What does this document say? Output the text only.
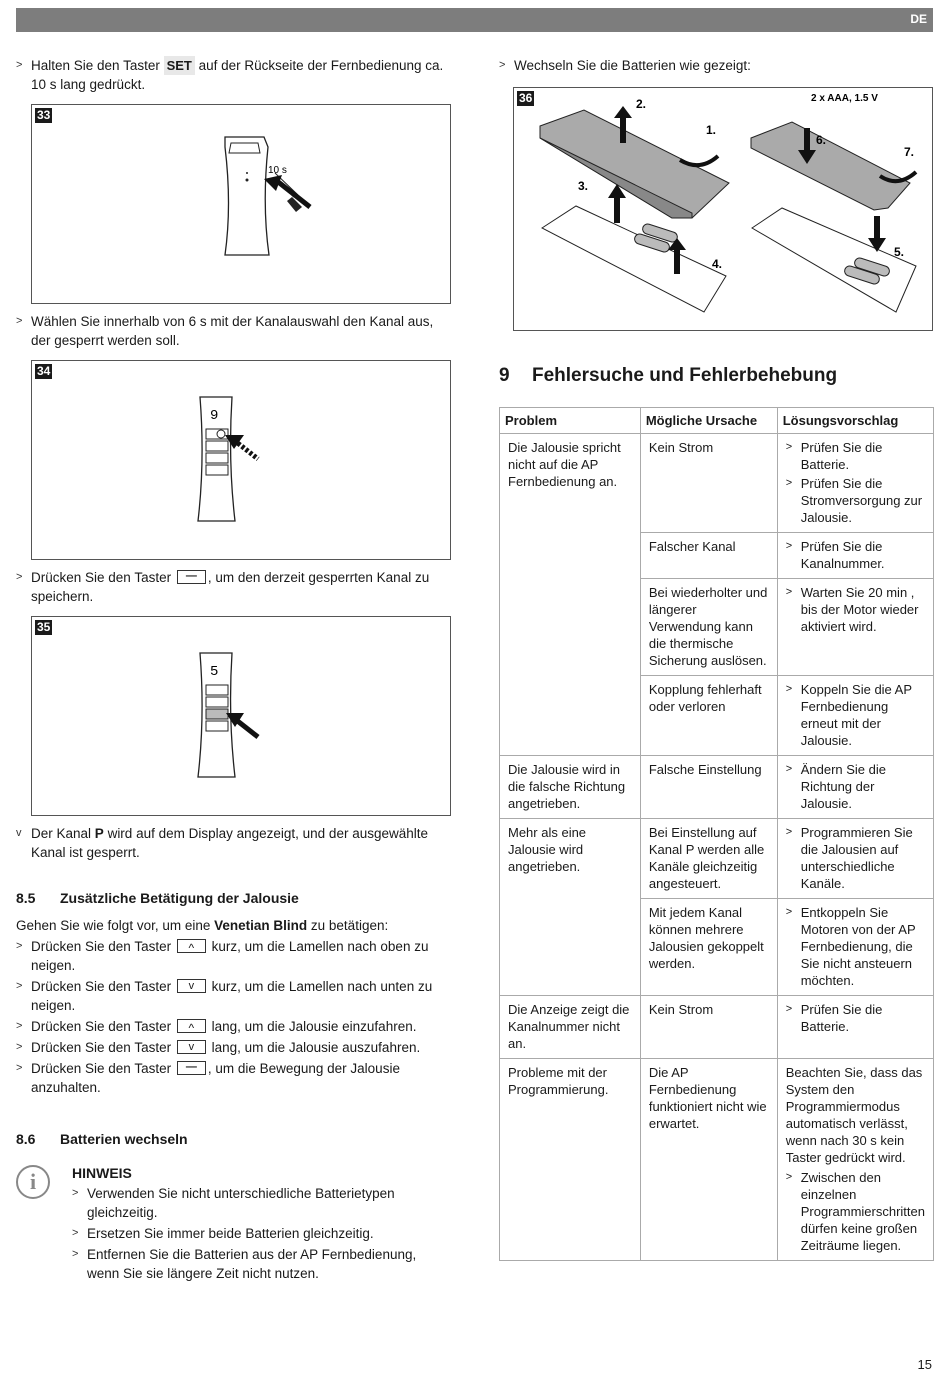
DE
> Halten Sie den Taster SET auf der Rückseite der Fernbedienung ca. 10 s lang gedrückt.
33
10 s
> Wählen Sie innerhalb von 6 s mit der Kanalauswahl den Kanal aus, der gesperrt werden soll.
34
9
> Drücken Sie den Taster —, um den derzeit gesperrten Kanal zu speichern.
35
5
v Der Kanal P wird auf dem Display angezeigt, und der ausgewählte Kanal ist gesperrt.
8.5 Zusätzliche Betätigung der Jalousie
Gehen Sie wie folgt vor, um eine Venetian Blind zu betätigen:
> Drücken Sie den Taster ^ kurz, um die Lamellen nach oben zu neigen.
> Drücken Sie den Taster v kurz, um die Lamellen nach unten zu neigen.
> Drücken Sie den Taster ^ lang, um die Jalousie einzufahren.
> Drücken Sie den Taster v lang, um die Jalousie auszufahren.
> Drücken Sie den Taster —, um die Bewegung der Jalousie anzuhalten.
8.6 Batterien wechseln
i	HINWEIS
> Verwenden Sie nicht unterschiedliche Batterietypen gleichzeitig.
> Ersetzen Sie immer beide Batterien gleichzeitig.
> Entfernen Sie die Batterien aus der AP Fernbedienung, wenn Sie sie längere Zeit nicht nutzen.
> Wechseln Sie die Batterien wie gezeigt:
36	2 x AAA, 1.5 V
1.
2.
3.
4.
5.
6.
7.
9 Fehlersuche und Fehlerbehebung
Problem	Mögliche Ursache	Lösungsvorschlag
Die Jalousie spricht nicht auf die AP Fernbedienung an.	Kein Strom	> Prüfen Sie die Batterie.
> Prüfen Sie die Stromversorgung zur Jalousie.

	Falscher Kanal	> Prüfen Sie die Kanalnummer.

	Bei wiederholter und längerer Verwendung kann die thermische Sicherung auslösen.	> Warten Sie 20 min , bis der Motor wieder aktiviert wird.

	Kopplung fehlerhaft oder verloren	> Koppeln Sie die AP Fernbedienung erneut mit der Jalousie.

Die Jalousie wird in die falsche Richtung angetrieben.	Falsche Einstellung	> Ändern Sie die Richtung der Jalousie.

Mehr als eine Jalousie wird angetrieben.	Bei Einstellung auf Kanal P werden alle Kanäle gleichzeitig angesteuert.	> Programmieren Sie die Jalousien auf unterschiedliche Kanäle.

	Mit jedem Kanal können mehrere Jalousien gekoppelt werden.	> Entkoppeln Sie Motoren von der AP Fernbedienung, die Sie nicht ansteuern möchten.

Die Anzeige zeigt die Kanalnummer nicht an.	Kein Strom	> Prüfen Sie die Batterie.

Probleme mit der Programmierung.	Die AP Fernbedienung funktioniert nicht wie erwartet.	Beachten Sie, dass das System den Programmiermodus automatisch verlässt, wenn nach 30 s kein Taster gedrückt wird.
> Zwischen den einzelnen Programmierschritten dürfen keine großen Zeiträume liegen.
15
